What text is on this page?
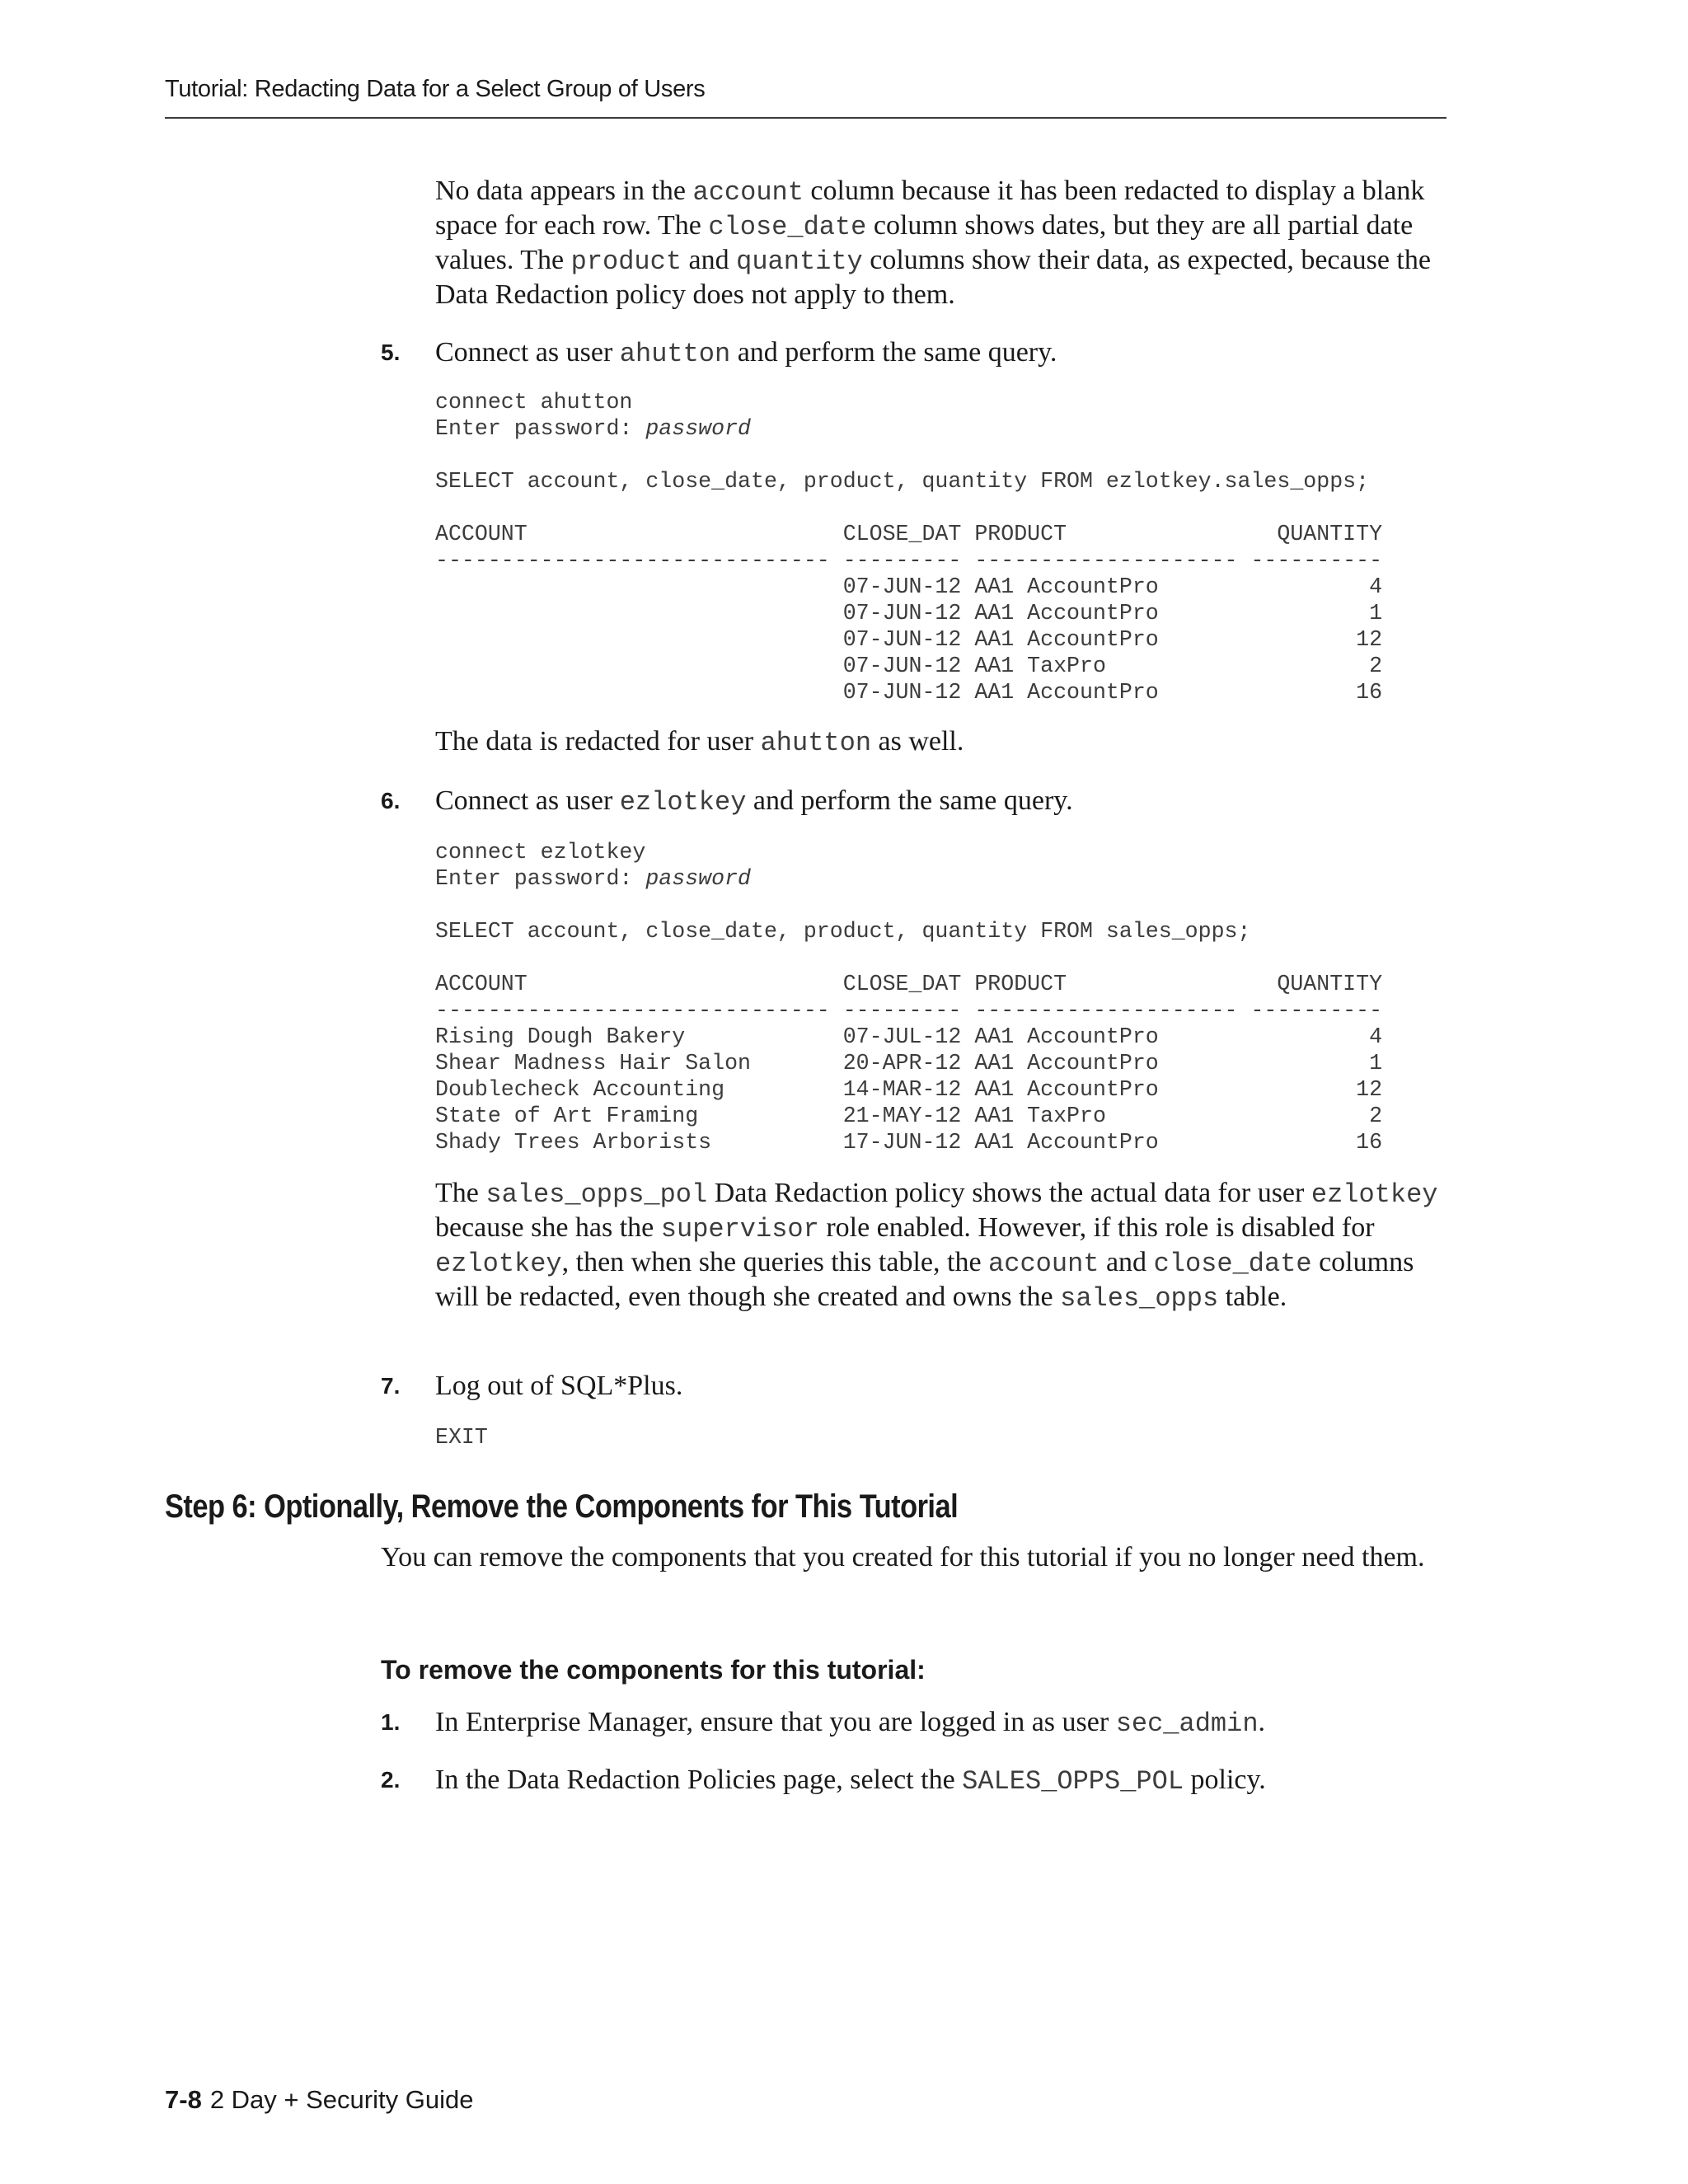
Tutorial: Redacting Data for a Select Group of Users

No data appears in the account column because it has been redacted to display a blank space for each row. The close_date column shows dates, but they are all partial date values. The product and quantity columns show their data, as expected, because the Data Redaction policy does not apply to them.

5. Connect as user ahutton and perform the same query.

connect ahutton
Enter password: password

SELECT account, close_date, product, quantity FROM ezlotkey.sales_opps;

ACCOUNT                        CLOSE_DAT PRODUCT                QUANTITY
------------------------------ --------- -------------------- ----------
07-JUN-12 AA1 AccountPro                4
07-JUN-12 AA1 AccountPro                1
07-JUN-12 AA1 AccountPro               12
07-JUN-12 AA1 TaxPro                    2
07-JUN-12 AA1 AccountPro               16

The data is redacted for user ahutton as well.

6. Connect as user ezlotkey and perform the same query.

connect ezlotkey
Enter password: password

SELECT account, close_date, product, quantity FROM sales_opps;

ACCOUNT                        CLOSE_DAT PRODUCT                QUANTITY
------------------------------ --------- -------------------- ----------
Rising Dough Bakery            07-JUL-12 AA1 AccountPro                4
Shear Madness Hair Salon       20-APR-12 AA1 AccountPro                1
Doublecheck Accounting         14-MAR-12 AA1 AccountPro               12
State of Art Framing           21-MAY-12 AA1 TaxPro                    2
Shady Trees Arborists          17-JUN-12 AA1 AccountPro               16

The sales_opps_pol Data Redaction policy shows the actual data for user ezlotkey because she has the supervisor role enabled. However, if this role is disabled for ezlotkey, then when she queries this table, the account and close_date columns will be redacted, even though she created and owns the sales_opps table.

7. Log out of SQL*Plus.

EXIT
Step 6: Optionally, Remove the Components for This Tutorial

You can remove the components that you created for this tutorial if you no longer need them.

To remove the components for this tutorial:
1. In Enterprise Manager, ensure that you are logged in as user sec_admin.

2. In the Data Redaction Policies page, select the SALES_OPPS_POL policy.

7-8 2 Day + Security Guide
